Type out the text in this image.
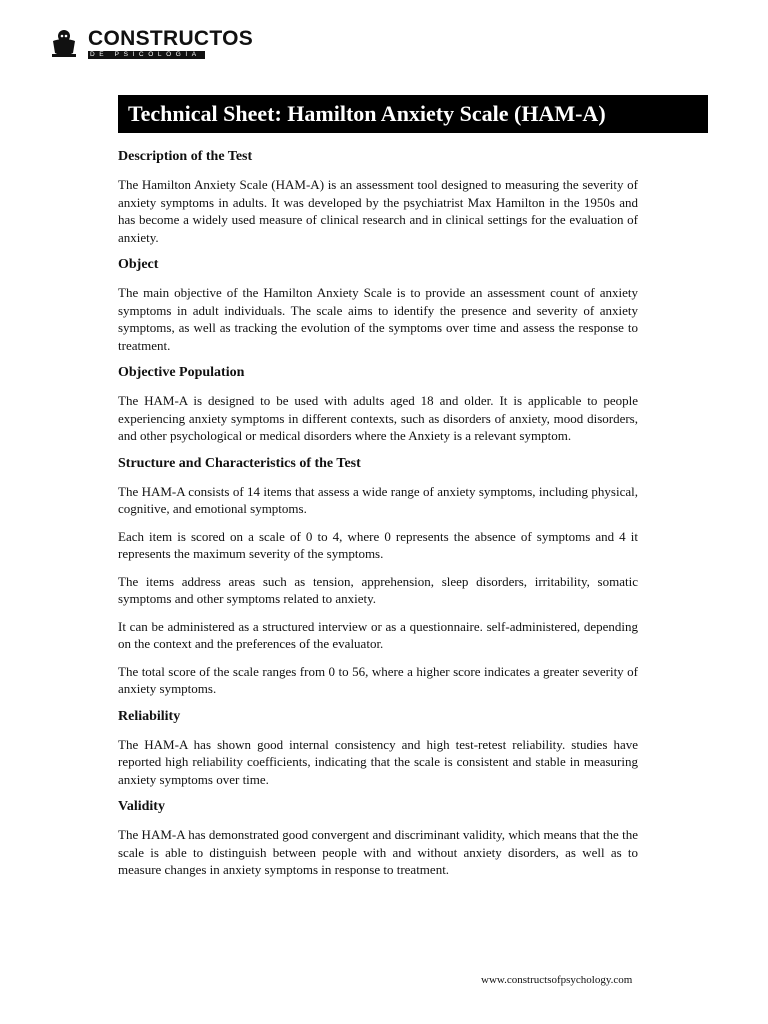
CONSTRUCTOS
DE PSICOLOGÍA
Technical Sheet: Hamilton Anxiety Scale (HAM-A)
Description of the Test

The Hamilton Anxiety Scale (HAM-A) is an assessment tool designed to measuring the severity of anxiety symptoms in adults. It was developed by the psychiatrist Max Hamilton in the 1950s and has become a widely used measure of clinical research and in clinical settings for the evaluation of anxiety.

Object

The main objective of the Hamilton Anxiety Scale is to provide an assessment count of anxiety symptoms in adult individuals. The scale aims to identify the presence and severity of anxiety symptoms, as well as tracking the evolution of the symptoms over time and assess the response to treatment.

Objective Population

The HAM-A is designed to be used with adults aged 18 and older. It is applicable to people experiencing anxiety symptoms in different contexts, such as disorders of anxiety, mood disorders, and other psychological or medical disorders where the Anxiety is a relevant symptom.

Structure and Characteristics of the Test

The HAM-A consists of 14 items that assess a wide range of anxiety symptoms, including physical, cognitive, and emotional symptoms.

Each item is scored on a scale of 0 to 4, where 0 represents the absence of symptoms and 4 it represents the maximum severity of the symptoms.

The items address areas such as tension, apprehension, sleep disorders, irritability, somatic symptoms and other symptoms related to anxiety.

It can be administered as a structured interview or as a questionnaire. self-administered, depending on the context and the preferences of the evaluator.

The total score of the scale ranges from 0 to 56, where a higher score indicates a greater severity of anxiety symptoms.

Reliability

The HAM-A has shown good internal consistency and high test-retest reliability. studies have reported high reliability coefficients, indicating that the scale is consistent and stable in measuring anxiety symptoms over time.

Validity

The HAM-A has demonstrated good convergent and discriminant validity, which means that the the scale is able to distinguish between people with and without anxiety disorders, as well as to measure changes in anxiety symptoms in response to treatment.

www.constructsofpsychology.com
